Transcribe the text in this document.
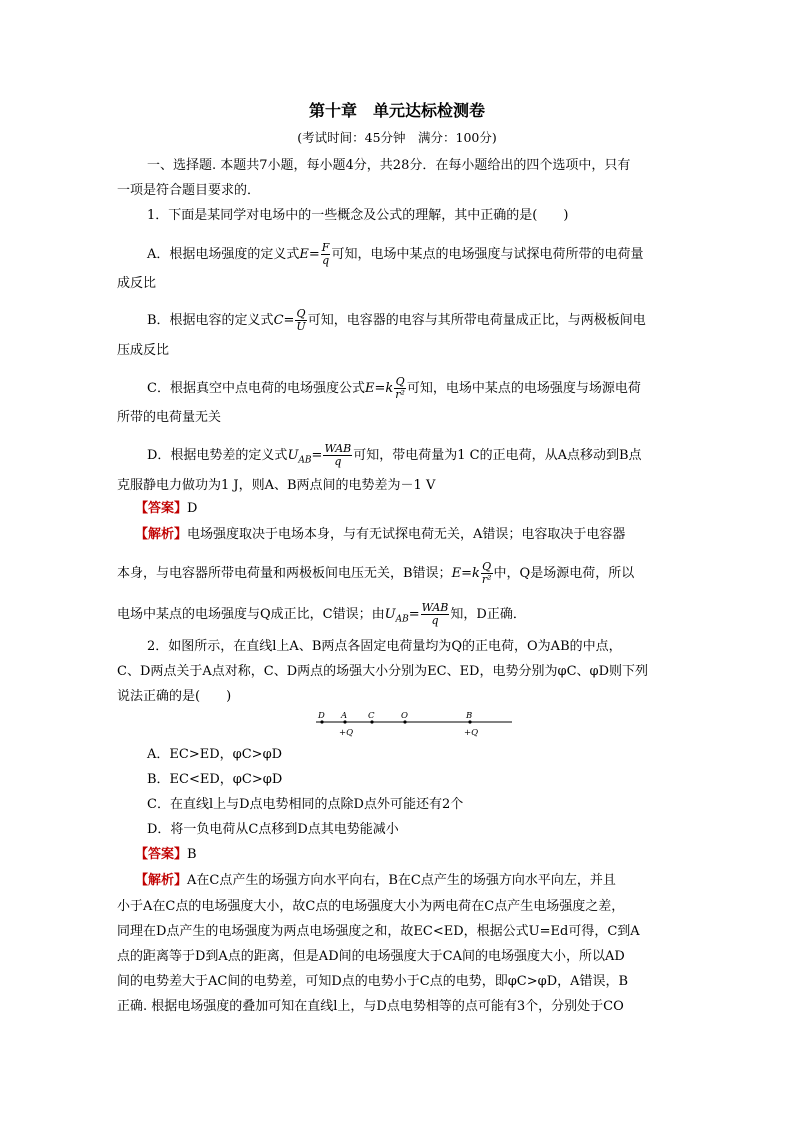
第十章　单元达标检测卷
(考试时间：45分钟　满分：100分)
一、选择题. 本题共7小题，每小题4分，共28分．在每小题给出的四个选项中，只有
一项是符合题目要求的．
1．下面是某同学对电场中的一些概念及公式的理解，其中正确的是(　　)
A．根据电场强度的定义式$E= \frac{F}{q}$ 可知，电场中某点的电场强度与试探电荷所带的电荷量
成反比
B．根据电容的定义式$C= \frac{Q}{U}$ 可知，电容器的电容与其所带电荷量成正比，与两极板间电
压成反比
C．根据真空中点电荷的电场强度公式$E=k \frac{Q}{\text{r²}}$ 可知，电场中某点的电场强度与场源电荷
所带的电荷量无关
D．根据电势差的定义式$U_{AB}= \frac{\text{WAB}}{q}$ 可知，带电荷量为1 C的正电荷，从A点移动到B点
克服静电力做功为1 J，则A、B两点间的电势差为－1 V
【答案】D
【解析】电场强度取决于电场本身，与有无试探电荷无关，A错误；电容取决于电容器
本身，与电容器所带电荷量和两极板间电压无关，B错误；$E=k \frac{Q}{\text{r²}}$ 中，Q是场源电荷，所以
电场中某点的电场强度与Q成正比，C错误；由$U_{AB}= \frac{\text{WAB}}{q}$ 知，D正确．
2．如图所示，在直线l上A、B两点各固定电荷量均为Q的正电荷，O为AB的中点，
C、D两点关于A点对称，C、D两点的场强大小分别为EC、ED，电势分别为φC、φD则下列
说法正确的是(　　)
D A C	O	B
+Q	+Q
A．EC>ED，φC>φD
B．EC<ED，φC>φD
C．在直线l上与D点电势相同的点除D点外可能还有2个
D．将一负电荷从C点移到D点其电势能减小
【答案】B
【解析】A在C点产生的场强方向水平向右，B在C点产生的场强方向水平向左，并且
小于A在C点的电场强度大小，故C点的电场强度大小为两电荷在C点产生电场强度之差，
同理在D点产生的电场强度为两点电场强度之和，故EC<ED，根据公式U=Ed可得，C到A
点的距离等于D到A点的距离，但是AD间的电场强度大于CA间的电场强度大小，所以AD
间的电势差大于AC间的电势差，可知D点的电势小于C点的电势，即φC>φD，A错误，B
正确. 根据电场强度的叠加可知在直线l上，与D点电势相等的点可能有3个，分别处于CO
